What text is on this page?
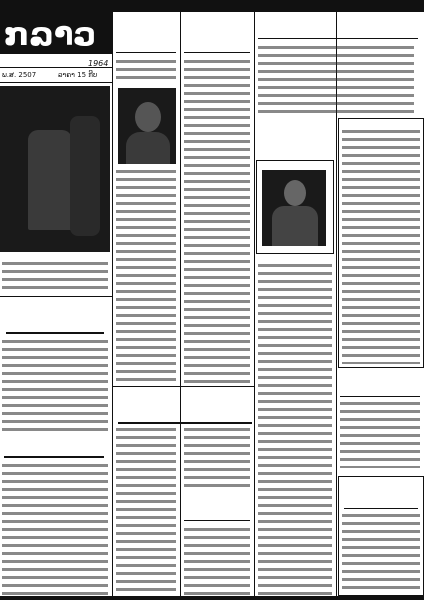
ກລາວ
ພ.ສ. 2507	ລາຄາ 15 ກີບ
1964
